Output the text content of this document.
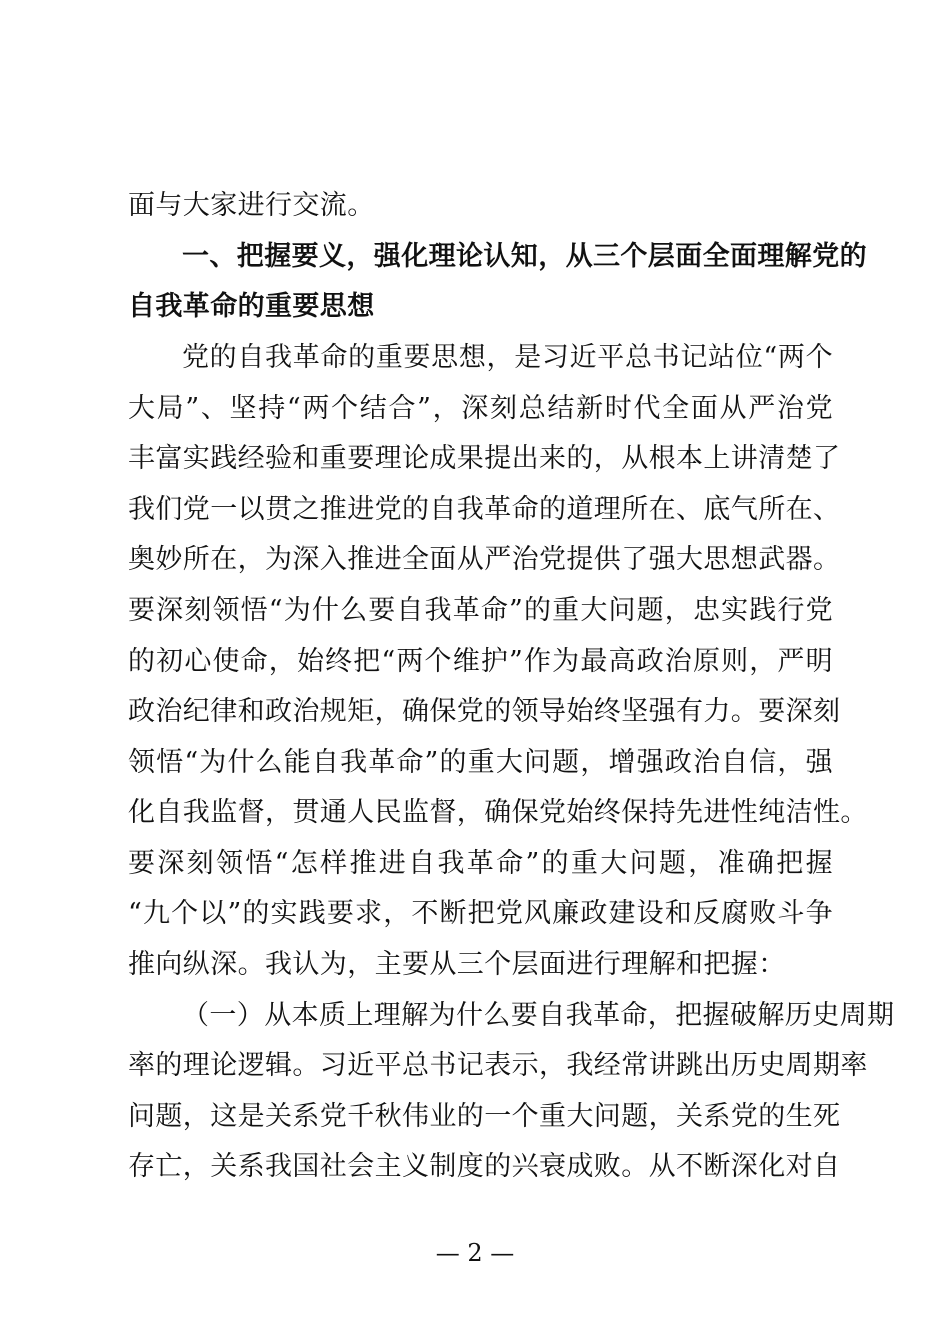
面与大家进行交流。
一、把握要义，强化理论认知，从三个层面全面理解党的
自我革命的重要思想
党的自我革命的重要思想，是习近平总书记站位“两个
大局”、坚持“两个结合”，深刻总结新时代全面从严治党
丰富实践经验和重要理论成果提出来的，从根本上讲清楚了
我们党一以贯之推进党的自我革命的道理所在、底气所在、
奥妙所在，为深入推进全面从严治党提供了强大思想武器。
要深刻领悟“为什么要自我革命”的重大问题，忠实践行党
的初心使命，始终把“两个维护”作为最高政治原则，严明
政治纪律和政治规矩，确保党的领导始终坚强有力。要深刻
领悟“为什么能自我革命”的重大问题，增强政治自信，强
化自我监督，贯通人民监督，确保党始终保持先进性纯洁性。
要深刻领悟“怎样推进自我革命”的重大问题，准确把握
“九个以”的实践要求，不断把党风廉政建设和反腐败斗争
推向纵深。我认为，主要从三个层面进行理解和把握：
（一）从本质上理解为什么要自我革命，把握破解历史周期
率的理论逻辑。习近平总书记表示，我经常讲跳出历史周期率
问题，这是关系党千秋伟业的一个重大问题，关系党的生死
存亡，关系我国社会主义制度的兴衰成败。从不断深化对自
— 2 —
